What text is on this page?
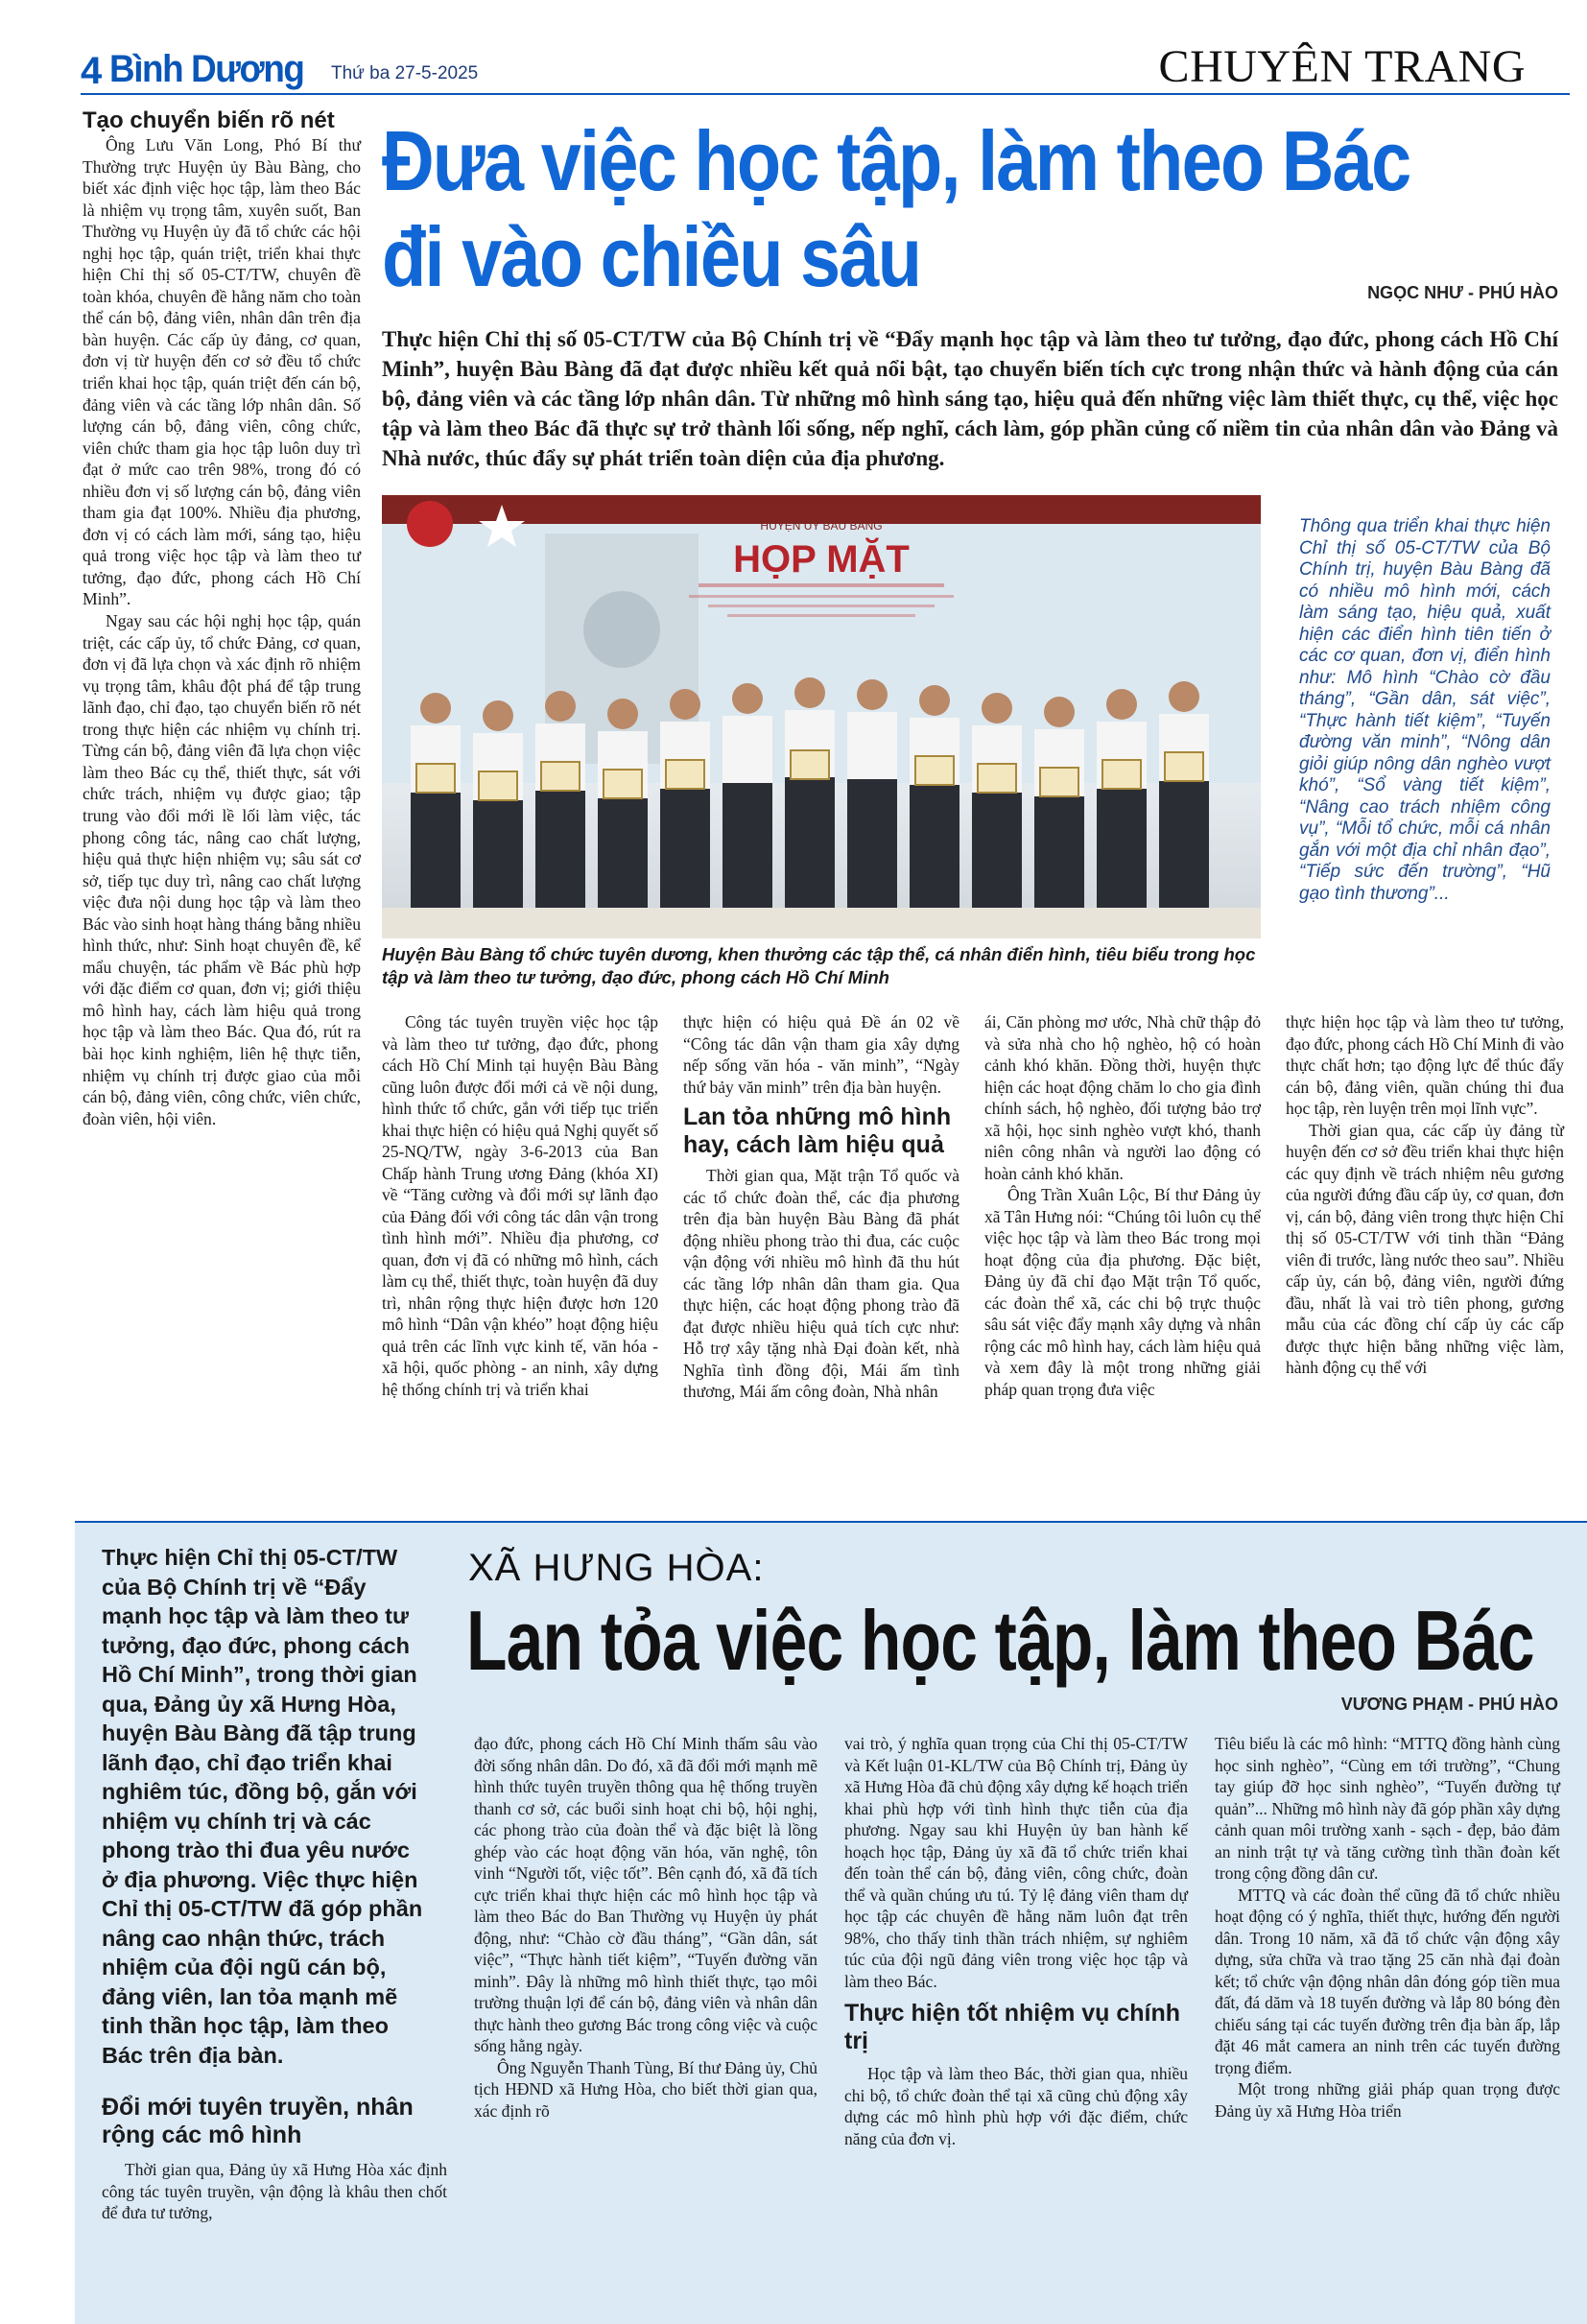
4 Bình Dương Thứ ba 27-5-2025	CHUYÊN TRANG
Tạo chuyển biến rõ nét

Ông Lưu Văn Long, Phó Bí thư Thường trực Huyện ủy Bàu Bàng, cho biết xác định việc học tập, làm theo Bác là nhiệm vụ trọng tâm, xuyên suốt, Ban Thường vụ Huyện ủy đã tổ chức các hội nghị học tập, quán triệt, triển khai thực hiện Chỉ thị số 05-CT/TW, chuyên đề toàn khóa, chuyên đề hằng năm cho toàn thể cán bộ, đảng viên, nhân dân trên địa bàn huyện. Các cấp ủy đảng, cơ quan, đơn vị từ huyện đến cơ sở đều tổ chức triển khai học tập, quán triệt đến cán bộ, đảng viên và các tầng lớp nhân dân. Số lượng cán bộ, đảng viên, công chức, viên chức tham gia học tập luôn duy trì đạt ở mức cao trên 98%, trong đó có nhiều đơn vị số lượng cán bộ, đảng viên tham gia đạt 100%. Nhiều địa phương, đơn vị có cách làm mới, sáng tạo, hiệu quả trong việc học tập và làm theo tư tưởng, đạo đức, phong cách Hồ Chí Minh”.

Ngay sau các hội nghị học tập, quán triệt, các cấp ủy, tổ chức Đảng, cơ quan, đơn vị đã lựa chọn và xác định rõ nhiệm vụ trọng tâm, khâu đột phá để tập trung lãnh đạo, chỉ đạo, tạo chuyển biến rõ nét trong thực hiện các nhiệm vụ chính trị. Từng cán bộ, đảng viên đã lựa chọn việc làm theo Bác cụ thể, thiết thực, sát với chức trách, nhiệm vụ được giao; tập trung vào đổi mới lề lối làm việc, tác phong công tác, nâng cao chất lượng, hiệu quả thực hiện nhiệm vụ; sâu sát cơ sở, tiếp tục duy trì, nâng cao chất lượng việc đưa nội dung học tập và làm theo Bác vào sinh hoạt hàng tháng bằng nhiều hình thức, như: Sinh hoạt chuyên đề, kể mẩu chuyện, tác phẩm về Bác phù hợp với đặc điểm cơ quan, đơn vị; giới thiệu mô hình hay, cách làm hiệu quả trong học tập và làm theo Bác. Qua đó, rút ra bài học kinh nghiệm, liên hệ thực tiễn, nhiệm vụ chính trị được giao của mỗi cán bộ, đảng viên, công chức, viên chức, đoàn viên, hội viên.

Đưa việc học tập, làm theo Bác
đi vào chiều sâu	NGỌC NHƯ - PHÚ HÀO
Thực hiện Chỉ thị số 05-CT/TW của Bộ Chính trị về “Đẩy mạnh học tập và làm theo tư tưởng, đạo đức, phong cách Hồ Chí Minh”, huyện Bàu Bàng đã đạt được nhiều kết quả nổi bật, tạo chuyển biến tích cực trong nhận thức và hành động của cán bộ, đảng viên và các tầng lớp nhân dân. Từ những mô hình sáng tạo, hiệu quả đến những việc làm thiết thực, cụ thể, việc học tập và làm theo Bác đã thực sự trở thành lối sống, nếp nghĩ, cách làm, góp phần củng cố niềm tin của nhân dân vào Đảng và Nhà nước, thúc đẩy sự phát triển toàn diện của địa phương.
HUYỆN ỦY BÀU BÀNG
HỌP MẶT
Huyện Bàu Bàng tổ chức tuyên dương, khen thưởng các tập thể, cá nhân điển hình, tiêu biểu trong học tập và làm theo tư tưởng, đạo đức, phong cách Hồ Chí Minh
Thông qua triển khai thực hiện Chỉ thị số 05-CT/TW của Bộ Chính trị, huyện Bàu Bàng đã có nhiều mô hình mới, cách làm sáng tạo, hiệu quả, xuất hiện các điển hình tiên tiến ở các cơ quan, đơn vị, điển hình như: Mô hình “Chào cờ đầu tháng”, “Gần dân, sát việc”, “Thực hành tiết kiệm”, “Tuyến đường văn minh”, “Nông dân giỏi giúp nông dân nghèo vượt khó”, “Sổ vàng tiết kiệm”, “Nâng cao trách nhiệm công vụ”, “Mỗi tổ chức, mỗi cá nhân gắn với một địa chỉ nhân đạo”, “Tiếp sức đến trường”, “Hũ gạo tình thương”...

Công tác tuyên truyền việc học tập và làm theo tư tưởng, đạo đức, phong cách Hồ Chí Minh tại huyện Bàu Bàng cũng luôn được đổi mới cả về nội dung, hình thức tổ chức, gắn với tiếp tục triển khai thực hiện có hiệu quả Nghị quyết số 25-NQ/TW, ngày 3-6-2013 của Ban Chấp hành Trung ương Đảng (khóa XI) về “Tăng cường và đổi mới sự lãnh đạo của Đảng đối với công tác dân vận trong tình hình mới”. Nhiều địa phương, cơ quan, đơn vị đã có những mô hình, cách làm cụ thể, thiết thực, toàn huyện đã duy trì, nhân rộng thực hiện được hơn 120 mô hình “Dân vận khéo” hoạt động hiệu quả trên các lĩnh vực kinh tế, văn hóa - xã hội, quốc phòng - an ninh, xây dựng hệ thống chính trị và triển khai

thực hiện có hiệu quả Đề án 02 về “Công tác dân vận tham gia xây dựng nếp sống văn hóa - văn minh”, “Ngày thứ bảy văn minh” trên địa bàn huyện.

Lan tỏa những mô hình hay, cách làm hiệu quả

Thời gian qua, Mặt trận Tổ quốc và các tổ chức đoàn thể, các địa phương trên địa bàn huyện Bàu Bàng đã phát động nhiều phong trào thi đua, các cuộc vận động với nhiều mô hình đã thu hút các tầng lớp nhân dân tham gia. Qua thực hiện, các hoạt động phong trào đã đạt được nhiều hiệu quả tích cực như: Hỗ trợ xây tặng nhà Đại đoàn kết, nhà Nghĩa tình đồng đội, Mái ấm tình thương, Mái ấm công đoàn, Nhà nhân

ái, Căn phòng mơ ước, Nhà chữ thập đỏ và sửa nhà cho hộ nghèo, hộ có hoàn cảnh khó khăn. Đồng thời, huyện thực hiện các hoạt động chăm lo cho gia đình chính sách, hộ nghèo, đối tượng bảo trợ xã hội, học sinh nghèo vượt khó, thanh niên công nhân và người lao động có hoàn cảnh khó khăn.

Ông Trần Xuân Lộc, Bí thư Đảng ủy xã Tân Hưng nói: “Chúng tôi luôn cụ thể việc học tập và làm theo Bác trong mọi hoạt động của địa phương. Đặc biệt, Đảng ủy đã chỉ đạo Mặt trận Tổ quốc, các đoàn thể xã, các chi bộ trực thuộc sâu sát việc đẩy mạnh xây dựng và nhân rộng các mô hình hay, cách làm hiệu quả và xem đây là một trong những giải pháp quan trọng đưa việc

thực hiện học tập và làm theo tư tưởng, đạo đức, phong cách Hồ Chí Minh đi vào thực chất hơn; tạo động lực để thúc đẩy cán bộ, đảng viên, quần chúng thi đua học tập, rèn luyện trên mọi lĩnh vực”.

Thời gian qua, các cấp ủy đảng từ huyện đến cơ sở đều triển khai thực hiện các quy định về trách nhiệm nêu gương của người đứng đầu cấp ủy, cơ quan, đơn vị, cán bộ, đảng viên trong thực hiện Chỉ thị số 05-CT/TW với tinh thần “Đảng viên đi trước, làng nước theo sau”. Nhiều cấp ủy, cán bộ, đảng viên, người đứng đầu, nhất là vai trò tiên phong, gương mẫu của các đồng chí cấp ủy các cấp được thực hiện bằng những việc làm, hành động cụ thể với

Thực hiện Chỉ thị 05-CT/TW của Bộ Chính trị về “Đẩy mạnh học tập và làm theo tư tưởng, đạo đức, phong cách Hồ Chí Minh”, trong thời gian qua, Đảng ủy xã Hưng Hòa, huyện Bàu Bàng đã tập trung lãnh đạo, chỉ đạo triển khai nghiêm túc, đồng bộ, gắn với nhiệm vụ chính trị và các phong trào thi đua yêu nước ở địa phương. Việc thực hiện Chỉ thị 05-CT/TW đã góp phần nâng cao nhận thức, trách nhiệm của đội ngũ cán bộ, đảng viên, lan tỏa mạnh mẽ tinh thần học tập, làm theo Bác trên địa bàn.
XÃ HƯNG HÒA:
Lan tỏa việc học tập, làm theo Bác
VƯƠNG PHẠM - PHÚ HÀO
Đổi mới tuyên truyền, nhân rộng các mô hình

Thời gian qua, Đảng ủy xã Hưng Hòa xác định công tác tuyên truyền, vận động là khâu then chốt để đưa tư tưởng,

đạo đức, phong cách Hồ Chí Minh thấm sâu vào đời sống nhân dân. Do đó, xã đã đổi mới mạnh mẽ hình thức tuyên truyền thông qua hệ thống truyền thanh cơ sở, các buổi sinh hoạt chi bộ, hội nghị, các phong trào của đoàn thể và đặc biệt là lồng ghép vào các hoạt động văn hóa, văn nghệ, tôn vinh “Người tốt, việc tốt”. Bên cạnh đó, xã đã tích cực triển khai thực hiện các mô hình học tập và làm theo Bác do Ban Thường vụ Huyện ủy phát động, như: “Chào cờ đầu tháng”, “Gần dân, sát việc”, “Thực hành tiết kiệm”, “Tuyến đường văn minh”. Đây là những mô hình thiết thực, tạo môi trường thuận lợi để cán bộ, đảng viên và nhân dân thực hành theo gương Bác trong công việc và cuộc sống hằng ngày.

Ông Nguyễn Thanh Tùng, Bí thư Đảng ủy, Chủ tịch HĐND xã Hưng Hòa, cho biết thời gian qua, xác định rõ

vai trò, ý nghĩa quan trọng của Chỉ thị 05-CT/TW và Kết luận 01-KL/TW của Bộ Chính trị, Đảng ủy xã Hưng Hòa đã chủ động xây dựng kế hoạch triển khai phù hợp với tình hình thực tiễn của địa phương. Ngay sau khi Huyện ủy ban hành kế hoạch học tập, Đảng ủy xã đã tổ chức triển khai đến toàn thể cán bộ, đảng viên, công chức, đoàn thể và quần chúng ưu tú. Tỷ lệ đảng viên tham dự học tập các chuyên đề hằng năm luôn đạt trên 98%, cho thấy tinh thần trách nhiệm, sự nghiêm túc của đội ngũ đảng viên trong việc học tập và làm theo Bác.

Thực hiện tốt nhiệm vụ chính trị

Học tập và làm theo Bác, thời gian qua, nhiều chi bộ, tổ chức đoàn thể tại xã cũng chủ động xây dựng các mô hình phù hợp với đặc điểm, chức năng của đơn vị.

Tiêu biểu là các mô hình: “MTTQ đồng hành cùng học sinh nghèo”, “Cùng em tới trường”, “Chung tay giúp đỡ học sinh nghèo”, “Tuyến đường tự quản”... Những mô hình này đã góp phần xây dựng cảnh quan môi trường xanh - sạch - đẹp, bảo đảm an ninh trật tự và tăng cường tình thần đoàn kết trong cộng đồng dân cư.

MTTQ và các đoàn thể cũng đã tổ chức nhiều hoạt động có ý nghĩa, thiết thực, hướng đến người dân. Trong 10 năm, xã đã tổ chức vận động xây dựng, sửa chữa và trao tặng 25 căn nhà đại đoàn kết; tổ chức vận động nhân dân đóng góp tiền mua đất, đá dăm và 18 tuyến đường và lắp 80 bóng đèn chiếu sáng tại các tuyến đường trên địa bàn ấp, lắp đặt 46 mắt camera an ninh trên các tuyến đường trọng điểm.

Một trong những giải pháp quan trọng được Đảng ủy xã Hưng Hòa triển
